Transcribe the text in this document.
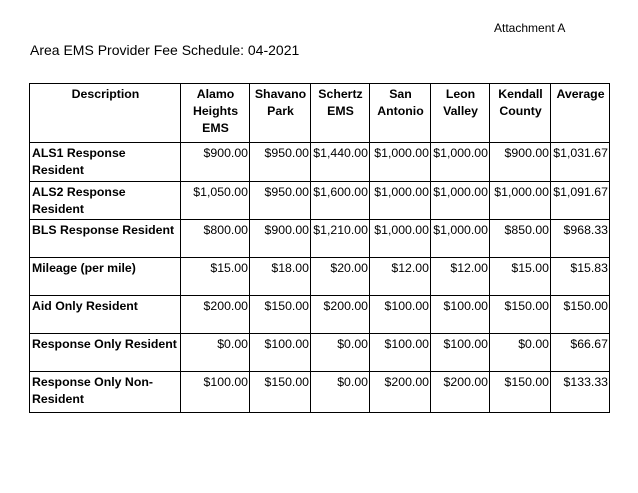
Attachment A
Area EMS Provider Fee Schedule: 04-2021
Description	Alamo Heights EMS	Shavano Park	Schertz EMS	San Antonio	Leon Valley	Kendall County	Average
ALS1 Response Resident	$900.00	$950.00	$1,440.00	$1,000.00	$1,000.00	$900.00	$1,031.67
ALS2 Response Resident	$1,050.00	$950.00	$1,600.00	$1,000.00	$1,000.00	$1,000.00	$1,091.67
BLS Response Resident	$800.00	$900.00	$1,210.00	$1,000.00	$1,000.00	$850.00	$968.33
Mileage (per mile)	$15.00	$18.00	$20.00	$12.00	$12.00	$15.00	$15.83
Aid Only Resident	$200.00	$150.00	$200.00	$100.00	$100.00	$150.00	$150.00
Response Only Resident	$0.00	$100.00	$0.00	$100.00	$100.00	$0.00	$66.67
Response Only Non-Resident	$100.00	$150.00	$0.00	$200.00	$200.00	$150.00	$133.33
